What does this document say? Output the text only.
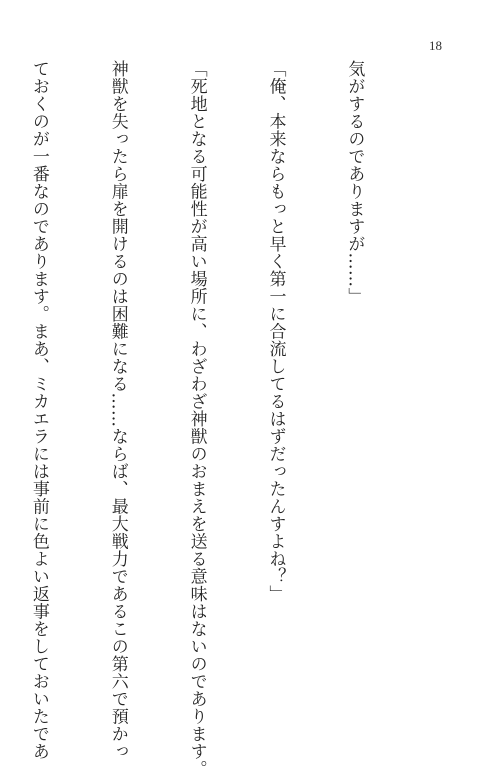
18

気がするのでありますが……」

「俺、本来ならもっと早く第一に合流してるはずだったんすよね？」

「死地となる可能性が高い場所に、わざわざ神獣のおまえを送る意味はないのであります。

神獣を失ったら扉を開けるのは困難になる……ならば、最大戦力であるこの第六で預かっ

ておくのが一番なのであります。まあ、ミカエラには事前に色よい返事をしておいたであ
